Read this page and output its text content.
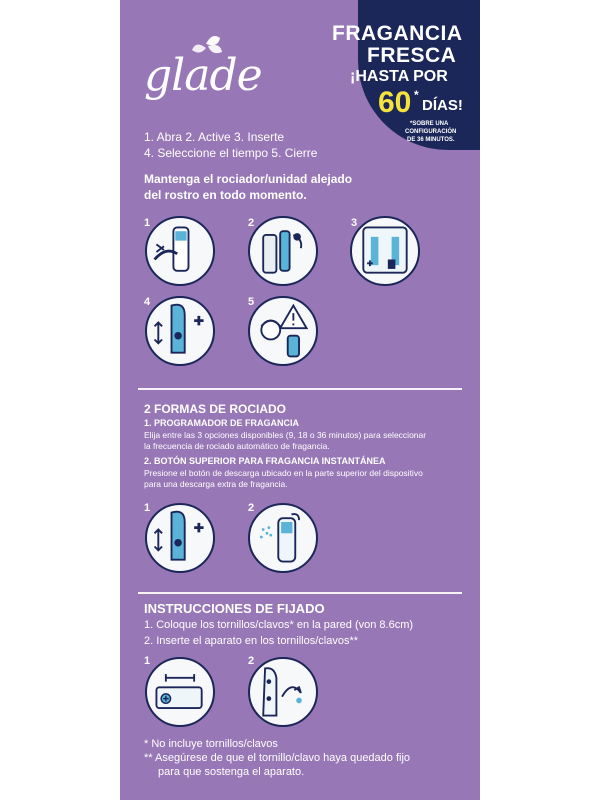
glade
FRAGANCIA
FRESCA
¡HASTA POR
60 *
DÍAS!
*SOBRE UNA
CONFIGURACIÓN
DE 36 MINUTOS.
1. Abra 2. Active 3. Inserte
4. Seleccione el tiempo 5. Cierre
Mantenga el rociador/unidad alejado
del rostro en todo momento.
1	2	3
4	5
2 FORMAS DE ROCIADO
1. PROGRAMADOR DE FRAGANCIA
Elija entre las 3 opciones disponibles (9, 18 o 36 minutos) para seleccionar
la frecuencia de rociado automático de fragancia.
2. BOTÓN SUPERIOR PARA FRAGANCIA INSTANTÁNEA
Presione el botón de descarga ubicado en la parte superior del dispositivo
para una descarga extra de fragancia.
1	2
INSTRUCCIONES DE FIJADO
1. Coloque los tornillos/clavos* en la pared (von 8.6cm)
2. Inserte el aparato en los tornillos/clavos**
1	2
* No incluye tornillos/clavos
** Asegúrese de que el tornillo/clavo haya quedado fijo
para que sostenga el aparato.
